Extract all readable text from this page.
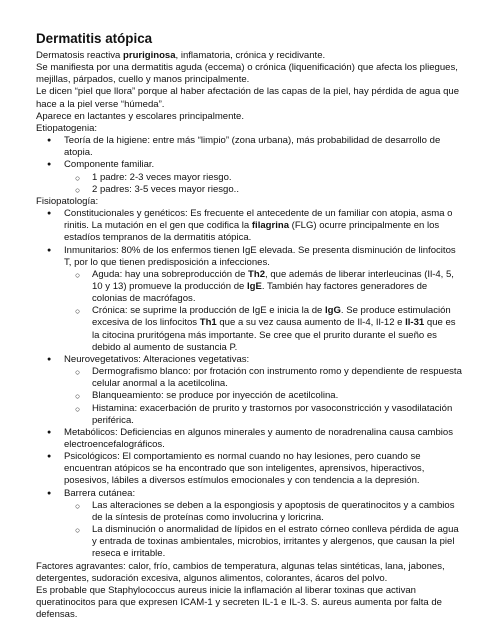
Dermatitis atópica

Dermatosis reactiva pruriginosa, inflamatoria, crónica y recidivante.

Se manifiesta por una dermatitis aguda (eccema) o crónica (liquenificación) que afecta los pliegues, mejillas, párpados, cuello y manos principalmente.

Le dicen “piel que llora” porque al haber afectación de las capas de la piel, hay pérdida de agua que hace a la piel verse “húmeda”.

Aparece en lactantes y escolares principalmente.

Etiopatogenia:

● Teoría de la higiene: entre más “limpio” (zona urbana), más probabilidad de desarrollo de atopia.
● Componente familiar.
○ 1 padre: 2-3 veces mayor riesgo.
○ 2 padres: 3-5 veces mayor riesgo..

Fisiopatología:

● Constitucionales y genéticos: Es frecuente el antecedente de un familiar con atopia, asma o rinitis. La mutación en el gen que codifica la filagrina (FLG) ocurre principalmente en los estadíos tempranos de la dermatitis atópica.
● Inmunitarios: 80% de los enfermos tienen IgE elevada. Se presenta disminución de linfocitos T, por lo que tienen predisposición a infecciones.
○ Aguda: hay una sobreproducción de Th2, que además de liberar interleucinas (Il-4, 5, 10 y 13) promueve la producción de IgE. También hay factores generadores de colonias de macrófagos.
○ Crónica: se suprime la producción de IgE e inicia la de IgG. Se produce estimulación excesiva de los linfocitos Th1 que a su vez causa aumento de Il-4, Il-12 e Il-31 que es la citocina pruritógena más importante. Se cree que el prurito durante el sueño es debido al aumento de sustancia P.
● Neurovegetativos: Alteraciones vegetativas:
○ Dermografismo blanco: por frotación con instrumento romo y dependiente de respuesta celular anormal a la acetilcolina.
○ Blanqueamiento: se produce por inyección de acetilcolina.
○ Histamina: exacerbación de prurito y trastornos por vasoconstricción y vasodilatación periférica.
● Metabólicos: Deficiencias en algunos minerales y aumento de noradrenalina causa cambios electroencefalográficos.
● Psicológicos: El comportamiento es normal cuando no hay lesiones, pero cuando se encuentran atópicos se ha encontrado que son inteligentes, aprensivos, hiperactivos, posesivos, lábiles a diversos estímulos emocionales y con tendencia a la depresión.
● Barrera cutánea:
○ Las alteraciones se deben a la espongiosis y apoptosis de queratinocitos y a cambios de la síntesis de proteínas como involucrina y loricrina.
○ La disminución o anormalidad de lípidos en el estrato córneo conlleva pérdida de agua y entrada de toxinas ambientales, microbios, irritantes y alergenos, que causan la piel reseca e irritable.

Factores agravantes: calor, frío, cambios de temperatura, algunas telas sintéticas, lana, jabones, detergentes, sudoración excesiva, algunos alimentos, colorantes, ácaros del polvo.

Es probable que Staphylococcus aureus inicie la inflamación al liberar toxinas que activan queratinocitos para que expresen ICAM-1 y secreten IL-1 e IL-3. S. aureus aumenta por falta de defensas.
